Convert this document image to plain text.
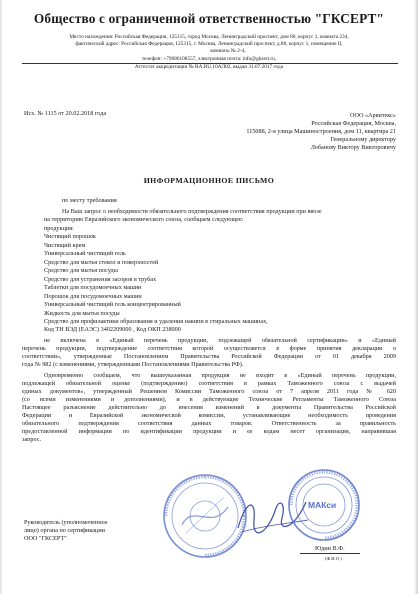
Общество с ограниченной ответственностью "ГКСЕРТ"
Место нахождения: Российская Федерация, 125315, город Москва, Ленинградский проспект, дом 80, корпус 1, комната 234,
фактический адрес: Российская Федерация, 125315, г. Москва, Ленинградский проспект, д.80, корпус 1, помещение II,
комнаты № 2-4,
телефон: +79686108557, электронная почта: info@gksert.ru,
Аттестат аккредитации № RA.RU.10АЛ02, выдан 31.07.2017 года
Исх. № 1115 от 20.02.2018 года	ООО «Арвитекс»
Российская Федерация, Москва,
115088, 2-я улица Машиностроения, дом 11, квартира 21
Генеральному директору
Лобанову Виктору Викторовичу
ИНФОРМАЦИОННОЕ ПИСЬМО
по месту требования
На Ваш запрос о необходимости обязательного подтверждения соответствия продукции при ввозе
на территорию Евразийского экономического союза, сообщаем следующее:
продукция:
Чистящий порошок
Чистящий крем
Универсальный чистящий гель
Средство для мытья стекол и поверхностей
Средство для мытья посуды
Средство для устранения засоров в трубах
Таблетки для посудомоечных машин
Порошок для посудомоечных машин
Универсальный чистящий гель концентрированный
Жидкость для мытья посуды
Средство для профилактики образования и удаления накипи в стиральных машинах,
Код ТН ВЭД (ЕАЭС) 3402209000 , Код ОКП 238000
не включена в «Единый перечень продукции, подлежащей обязательной сертификации» и «Единый
перечень продукции, подтверждение соответствия которой осуществляется в форме принятия декларации о
соответствии», утвержденные Постановлением Правительства Российской Федерации от 01 декабря 2009
года № 982 (с изменениями, утвержденными Постановлениями Правительства РФ).
Одновременно сообщаем, что вышеуказанная продукция не входит в «Единый перечень продукции,
подлежащей обязательной оценке (подтверждению) соответствия в рамках Таможенного союза с выдачей
единых документов», утвержденный Решением Комиссии Таможенного союза от 7 апреля 2011 года № 620
(со всеми изменениями и дополнениями), и в действующие Технические Регламенты Таможенного Союза
Настоящее разъяснение действительно до внесения изменений в документы Правительства Российской
Федерации и Евразийской экономической комиссии, устанавливающие необходимость проведения
обязательного подтверждения соответствия данных товаров. Ответственность за правильность
предоставленной информации по идентификации продукции и ее кодам несет организация, направившая
запрос.
Руководитель (уполномоченное
лицо) органа по сертификации
ООО "ГКСЕРТ"
МАКси
Юдин В.Ф.
(Ф.И.О.)
